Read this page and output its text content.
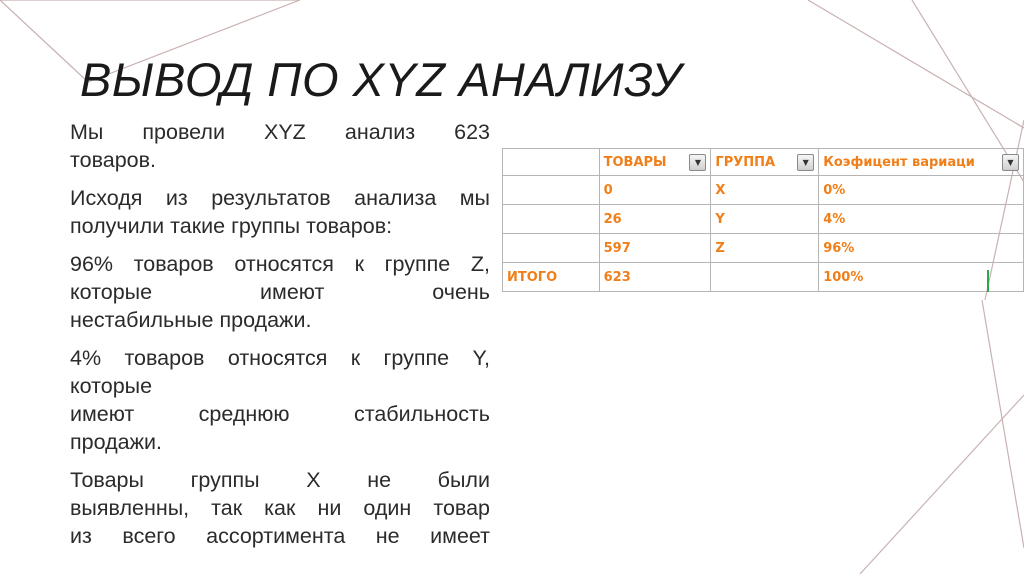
ВЫВОД ПО XYZ АНАЛИЗУ

Мы провели XYZ анализ 623
товаров.

Исходя из результатов анализа мы
получили такие группы товаров:

96% товаров относятся к группе Z,
которые имеют очень
нестабильные продажи.

4% товаров относятся к группе Y,
которые
имеют среднюю стабильность
продажи.

Товары группы X не были
выявленны, так как ни один товар
из всего ассортимента не имеет

	ТОВАРЫ ▼	ГРУППА ▼	Коэфицент вариаци ▼

	0	X	0%
	26	Y	4%
	597	Z	96%
ИТОГО	623		100%
